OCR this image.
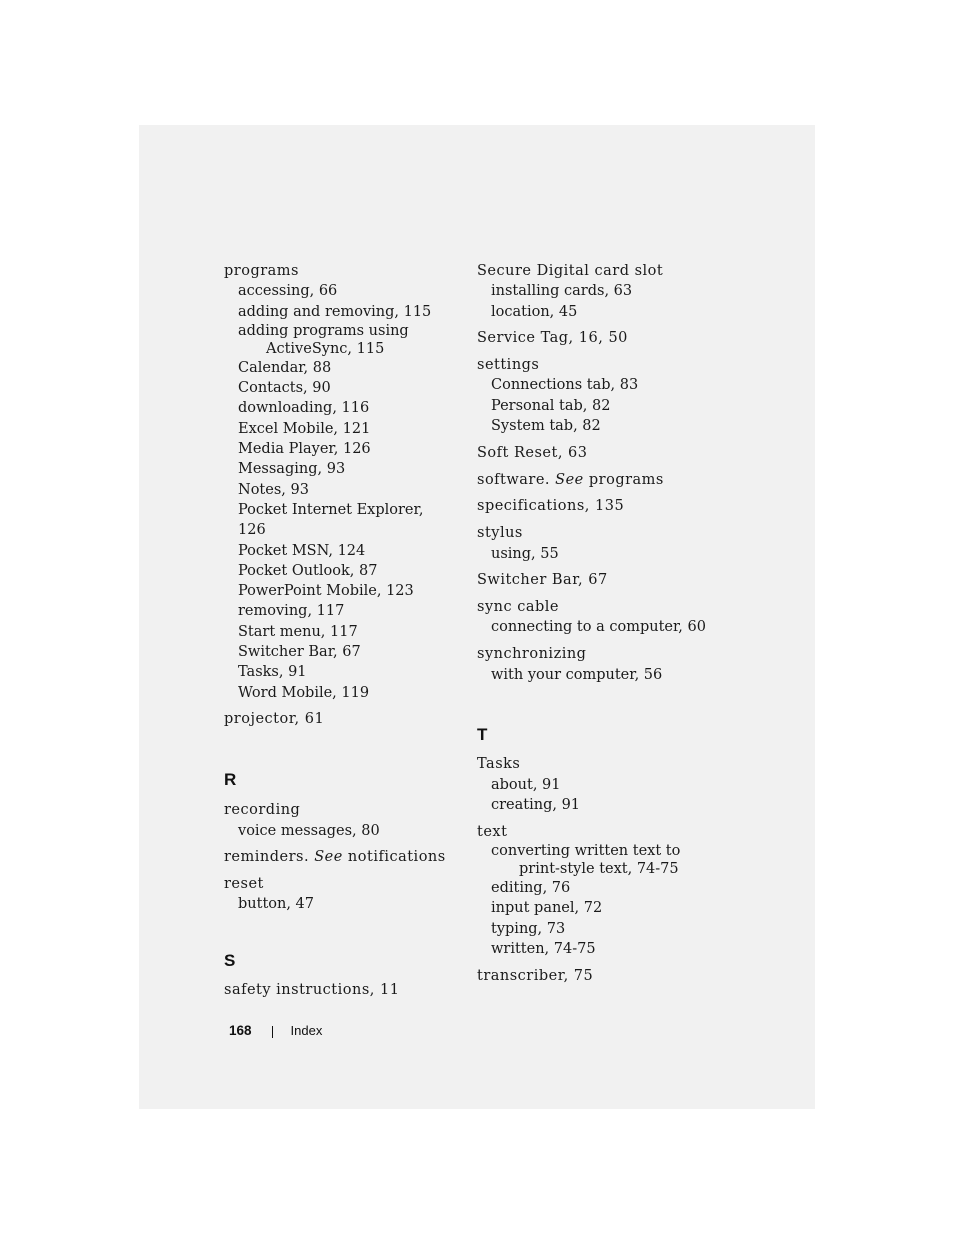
programs
accessing, 66
adding and removing, 115
adding programs using
ActiveSync, 115
Calendar, 88
Contacts, 90
downloading, 116
Excel Mobile, 121
Media Player, 126
Messaging, 93
Notes, 93
Pocket Internet Explorer, 126
Pocket MSN, 124
Pocket Outlook, 87
PowerPoint Mobile, 123
removing, 117
Start menu, 117
Switcher Bar, 67
Tasks, 91
Word Mobile, 119
projector, 61
R
recording
voice messages, 80
reminders. See notifications
reset
button, 47
S
safety instructions, 11
Secure Digital card slot
installing cards, 63
location, 45
Service Tag, 16, 50
settings
Connections tab, 83
Personal tab, 82
System tab, 82
Soft Reset, 63
software. See programs
specifications, 135
stylus
using, 55
Switcher Bar, 67
sync cable
connecting to a computer, 60
synchronizing
with your computer, 56
T
Tasks
about, 91
creating, 91
text
converting written text to
print-style text, 74-75
editing, 76
input panel, 72
typing, 73
written, 74-75
transcriber, 75
168	Index
